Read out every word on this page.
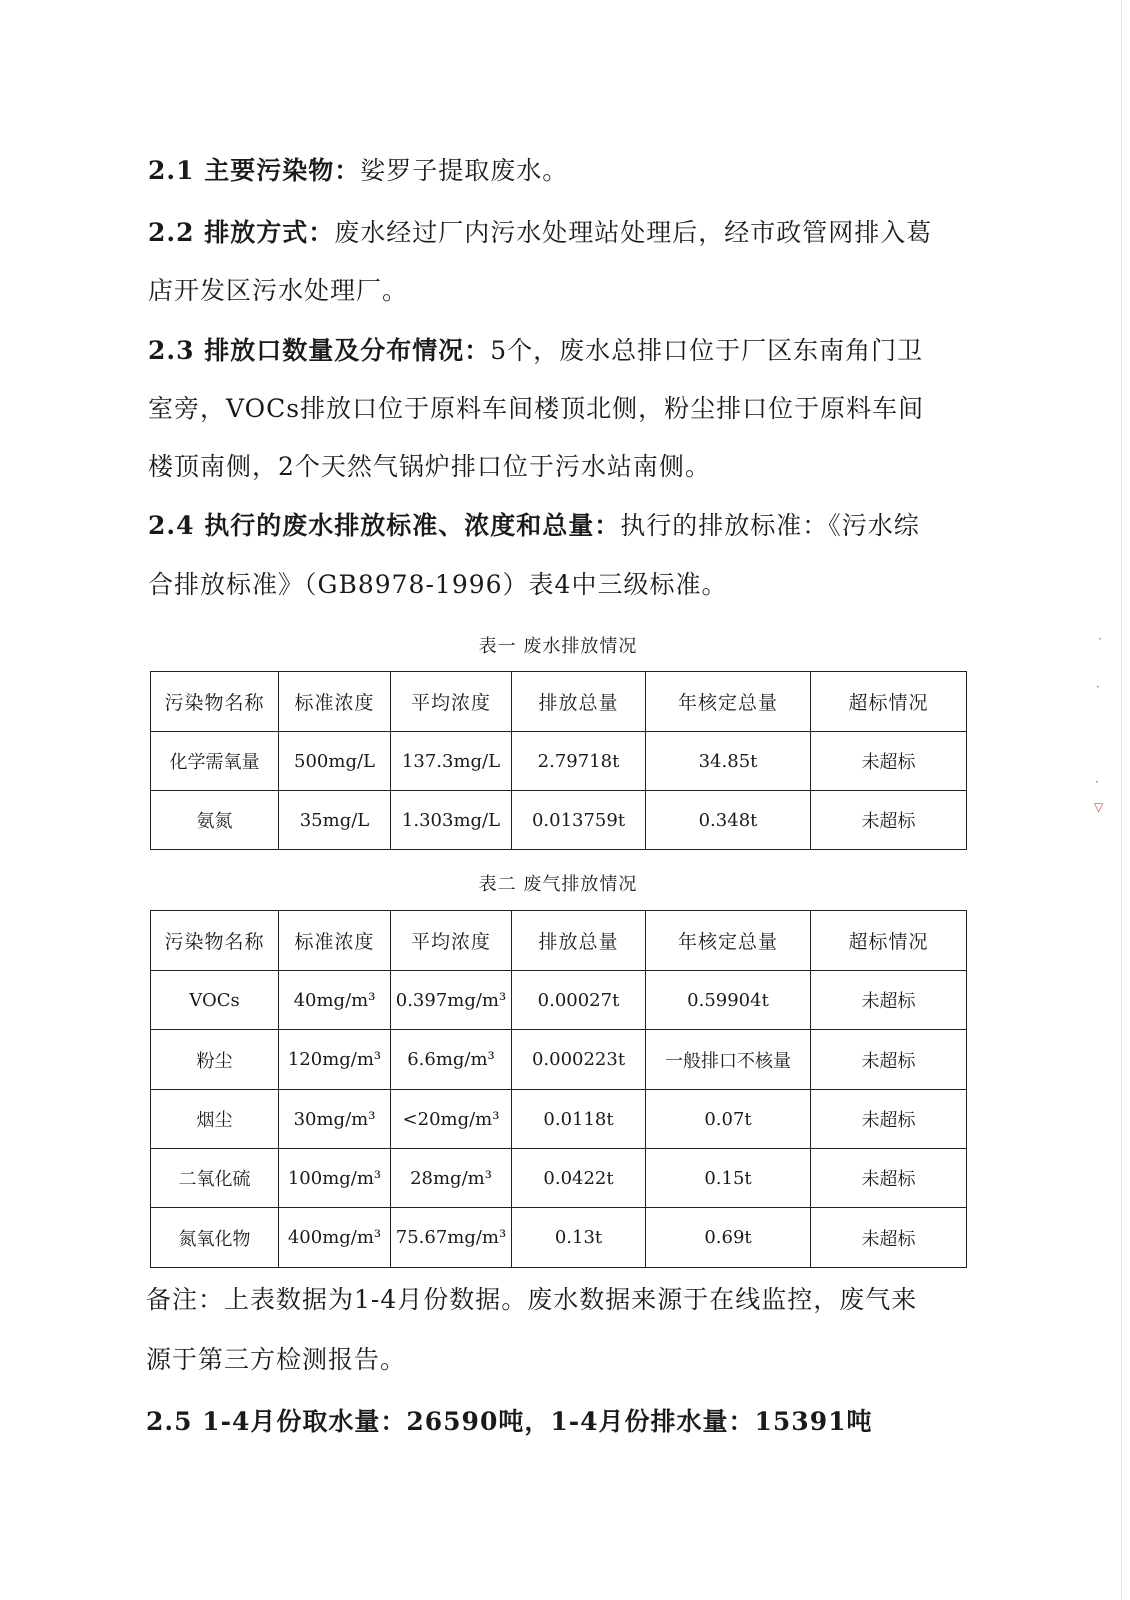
2.1 主要污染物：娑罗子提取废水。

2.2 排放方式：废水经过厂内污水处理站处理后，经市政管网排入葛

店开发区污水处理厂。

2.3 排放口数量及分布情况：5个，废水总排口位于厂区东南角门卫

室旁，VOCs排放口位于原料车间楼顶北侧，粉尘排口位于原料车间

楼顶南侧，2个天然气锅炉排口位于污水站南侧。

2.4 执行的废水排放标准、浓度和总量：执行的排放标准：《污水综

合排放标准》（GB8978-1996）表4中三级标准。

表一 废水排放情况

污染物名称	标准浓度	平均浓度	排放总量	年核定总量	超标情况
化学需氧量	500mg/L	137.3mg/L	2.79718t	34.85t	未超标
氨氮	35mg/L	1.303mg/L	0.013759t	0.348t	未超标

表二 废气排放情况

污染物名称	标准浓度	平均浓度	排放总量	年核定总量	超标情况
VOCs	40mg/m³	0.397mg/m³	0.00027t	0.59904t	未超标
粉尘	120mg/m³	6.6mg/m³	0.000223t	一般排口不核量	未超标
烟尘	30mg/m³	<20mg/m³	0.0118t	0.07t	未超标
二氧化硫	100mg/m³	28mg/m³	0.0422t	0.15t	未超标
氮氧化物	400mg/m³	75.67mg/m³	0.13t	0.69t	未超标

备注：上表数据为1-4月份数据。废水数据来源于在线监控，废气来

源于第三方检测报告。

2.5 1-4月份取水量：26590吨，1-4月份排水量：15391吨

·
·
·
▽
